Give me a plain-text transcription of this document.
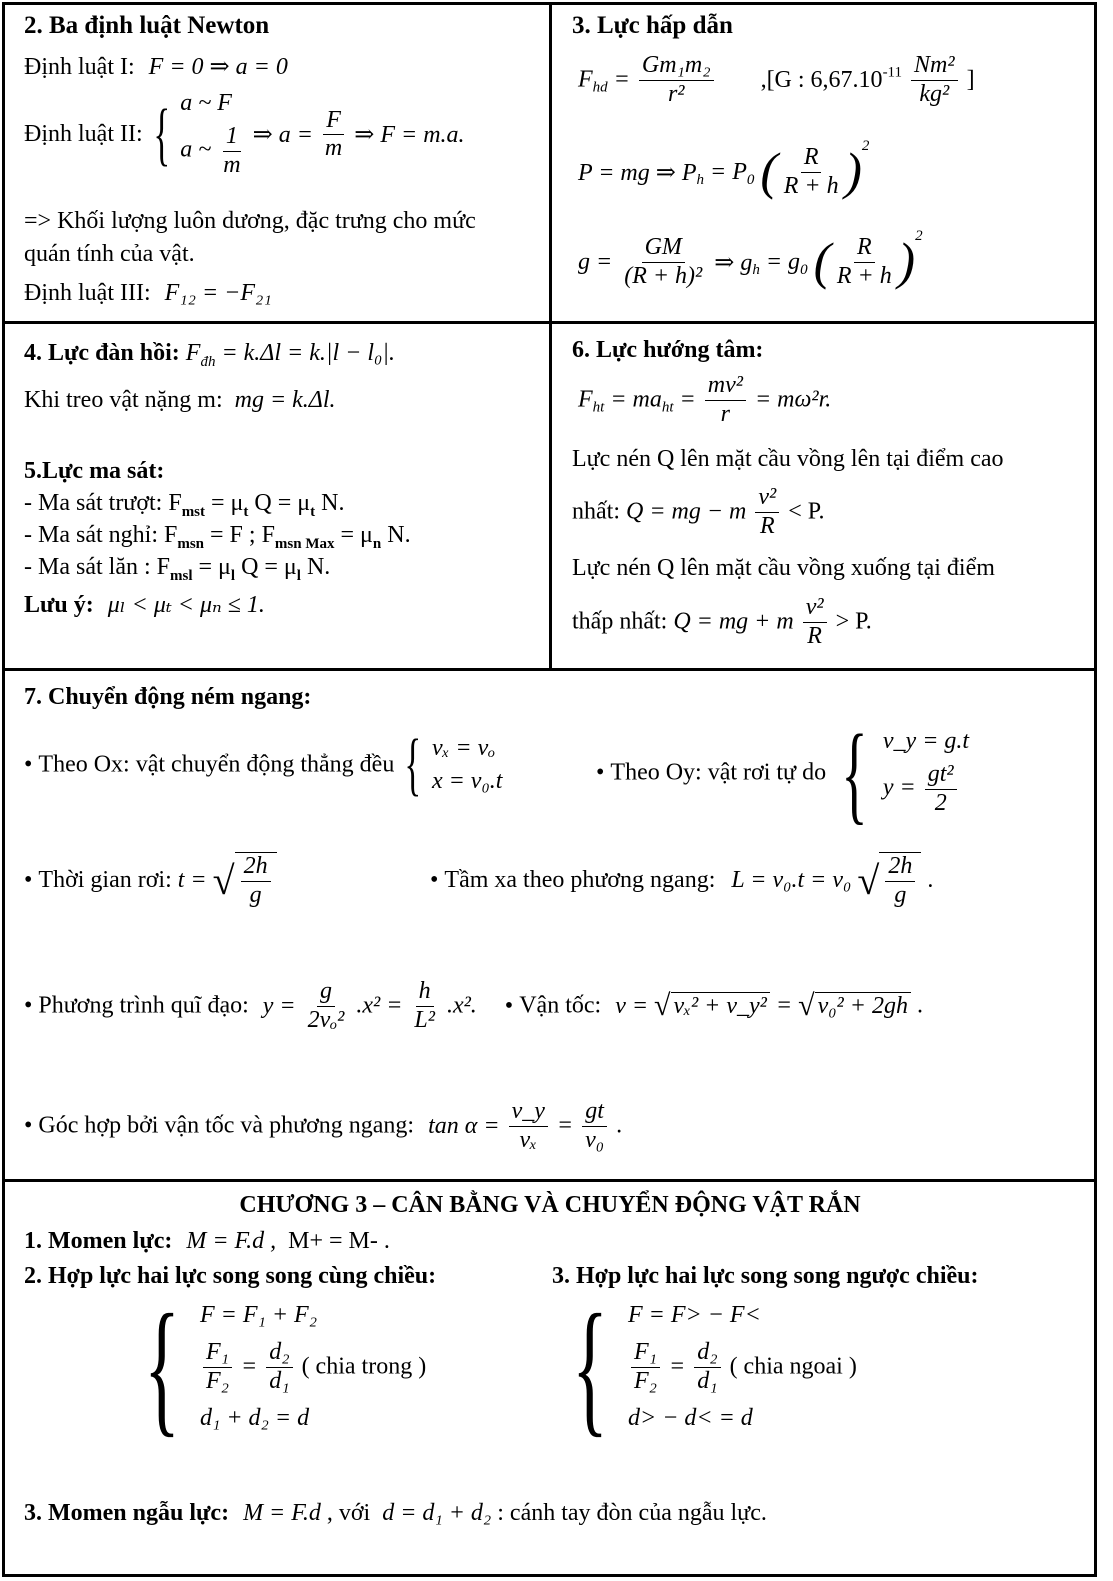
2. Ba định luật Newton
Định luật I: F = 0 ⇒ a = 0
Định luật II: { a ~ F
a ~ $\frac{1}{m}$ ⇒ $a = \frac{F}{m}$ ⇒ F = m.a.
=> Khối lượng luôn dương, đặc trưng cho mức
quán tính của vật.
Định luật III: F₁₂ = −F₂₁
3. Lực hấp dẫn
$F_{hd} = \frac{\text{Gm₁m₂}}{\text{r²}} ,[G$ : $6,67.10^{-11} \frac{\text{Nm²}}{\text{kg²}}$ ]
P = mg ⇒ $P_h = P_0$ ( $\frac{R}{R + h} )^2$
$g = \frac{GM}{\text{(R + h)²}}$ ⇒ $g_h = g_0$ ( $\frac{R}{R + h} )^2$
4. Lực đàn hồi: $F_{đh} = k.\Delta l = k.|l - l_0|$.
Khi treo vật nặng m: mg = k.Δl.
5.Lực ma sát:
- Ma sát trượt: $F_{mst} = \mu_t$ $Q = \mu_t$ N.
- Ma sát nghỉ: $F_{msn} = F$ ; $F_{msn Max} = \mu_n$ N.
- Ma sát lăn : $F_{msl} = \mu_l$ $Q = \mu_l$ N.
Lưu ý: μₗ < μₜ < μₙ ≤ 1.
6. Lực hướng tâm:
$F_{ht} = ma_{ht} = \frac{\text{mv²}}{r} = m\omega^2r$.
Lực nén Q lên mặt cầu vồng lên tại điểm cao
nhất: Q = mg − m $\frac{\text{v²}}{R} < P$.
Lực nén Q lên mặt cầu vồng xuống tại điểm
thấp nhất: Q = mg + m $\frac{\text{v²}}{R} > P$.
7. Chuyển động ném ngang:
• Theo Ox: vật chuyển động thẳng đều { vₓ = vₒ
x = v₀.t	• Theo Oy: vật rơi tự do { v_y = g.t
$y = \frac{\text{gt²}}{2}$
• Thời gian rơi: t = √ $\frac{2h}{g}$	• Tầm xa theo phương ngang: L = v₀.t = v₀ √ $\frac{2h}{g}$ .
• Phương trình quĩ đạo: $y = \frac{g}{\text{2vₒ²}} .x^2 = \frac{h}{\text{L²}} .x^2$. • Vận tốc: v = √ vₓ² + v_y² = √ v₀² + 2gh .
• Góc hợp bởi vận tốc và phương ngang: $\tan \alpha = \frac{v\_y}{\text{vₓ}} = \frac{gt}{\text{v₀}}$ .
CHƯƠNG 3 – CÂN BẰNG VÀ CHUYỂN ĐỘNG VẬT RẮN
1. Momen lực: M = F.d , M+ = M- .
2. Hợp lực hai lực song song cùng chiều:
{ F = F₁ + F₂
$\frac{\text{F₁}}{\text{F₂}} = \frac{\text{d₂}}{\text{d₁}}$ ( chia trong )
d₁ + d₂ = d
3. Hợp lực hai lực song song ngược chiều:
{ F = F> − F<
$\frac{\text{F₁}}{\text{F₂}} = \frac{\text{d₂}}{\text{d₁}}$ ( chia ngoai )
d> − d< = d
3. Momen ngẫu lực: M = F.d , với d = d₁ + d₂ : cánh tay đòn của ngẫu lực.
